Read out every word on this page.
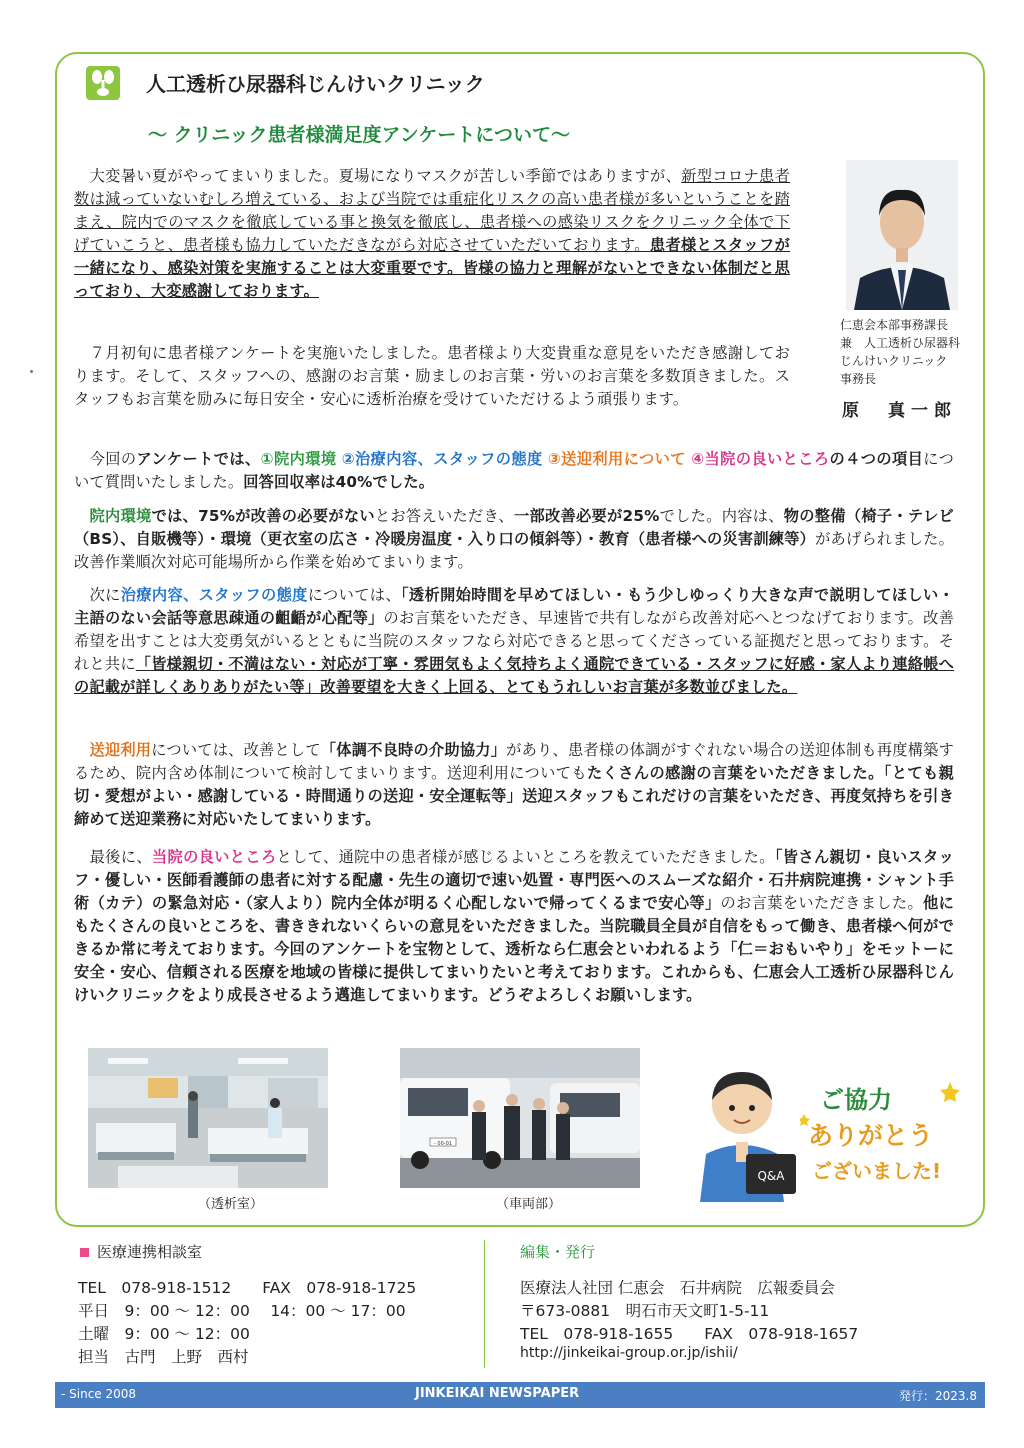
人工透析ひ尿器科じんけいクリニック
～ クリニック患者様満足度アンケートについて～
　大変暑い夏がやってまいりました。夏場になりマスクが苦しい季節ではありますが、新型コロナ患者数は減っていないむしろ増えている、および当院では重症化リスクの高い患者様が多いということを踏まえ、院内でのマスクを徹底している事と換気を徹底し、患者様への感染リスクをクリニック全体で下げていこうと、患者様も協力していただきながら対応させていただいております。患者様とスタッフが一緒になり、感染対策を実施することは大変重要です。皆様の協力と理解がないとできない体制だと思っており、大変感謝しております。
　７月初旬に患者様アンケートを実施いたしました。患者様より大変貴重な意見をいただき感謝しております。そして、スタッフへの、感謝のお言葉・励ましのお言葉・労いのお言葉を多数頂きました。スタッフもお言葉を励みに毎日安全・安心に透析治療を受けていただけるよう頑張ります。
仁恵会本部事務課長
兼　人工透析ひ尿器科
じんけいクリニック
事務長
原　真一郎
　今回のアンケートでは、①院内環境 ②治療内容、スタッフの態度 ③送迎利用について ④当院の良いところの４つの項目について質問いたしました。回答回収率は40%でした。
　院内環境では、75%が改善の必要がないとお答えいただき、一部改善必要が25%でした。内容は、物の整備（椅子・テレビ（BS）、自販機等）・環境（更衣室の広さ・冷暖房温度・入り口の傾斜等）・教育（患者様への災害訓練等）があげられました。改善作業順次対応可能場所から作業を始めてまいります。
　次に治療内容、スタッフの態度については、「透析開始時間を早めてほしい・もう少しゆっくり大きな声で説明してほしい・主語のない会話等意思疎通の齟齬が心配等」のお言葉をいただき、早速皆で共有しながら改善対応へとつなげております。改善希望を出すことは大変勇気がいるとともに当院のスタッフなら対応できると思ってくださっている証拠だと思っております。それと共に「皆様親切・不満はない・対応が丁寧・雰囲気もよく気持ちよく通院できている・スタッフに好感・家人より連絡帳への記載が詳しくありありがたい等」改善要望を大きく上回る、とてもうれしいお言葉が多数並びました。
　送迎利用については、改善として「体調不良時の介助協力」があり、患者様の体調がすぐれない場合の送迎体制も再度構築するため、院内含め体制について検討してまいります。送迎利用についてもたくさんの感謝の言葉をいただきました。「とても親切・愛想がよい・感謝している・時間通りの送迎・安全運転等」送迎スタッフもこれだけの言葉をいただき、再度気持ちを引き締めて送迎業務に対応いたしてまいります。
　最後に、当院の良いところとして、通院中の患者様が感じるよいところを教えていただきました。「皆さん親切・良いスタッフ・優しい・医師看護師の患者に対する配慮・先生の適切で速い処置・専門医へのスムーズな紹介・石井病院連携・シャント手術（カテ）の緊急対応・（家人より）院内全体が明るく心配しないで帰ってくるまで安心等」のお言葉をいただきました。他にもたくさんの良いところを、書ききれないくらいの意見をいただきました。当院職員全員が自信をもって働き、患者様へ何ができるか常に考えております。今回のアンケートを宝物として、透析なら仁恵会といわれるよう「仁＝おもいやり」をモットーに安全・安心、信頼される医療を地域の皆様に提供してまいりたいと考えております。これからも、仁恵会人工透析ひ尿器科じんけいクリニックをより成長させるよう邁進してまいります。どうぞよろしくお願いします。
（透析室）
- 00-01
（車両部）
Q&A
ご協力
ありがとう
ございました!
医療連携相談室
TEL　078-918-1512　　FAX　078-918-1725
平日　9：00 ～ 12：00　 14：00 ～ 17：00
土曜　9：00 ～ 12：00
担当　古門　上野　西村
編集・発行
医療法人社団 仁恵会　石井病院　広報委員会
〒673-0881　明石市天文町1-5-11
TEL　078-918-1655　　FAX　078-918-1657
http://jinkeikai-group.or.jp/ishii/
- Since 2008	JINKEIKAI NEWSPAPER	発行：2023.8
